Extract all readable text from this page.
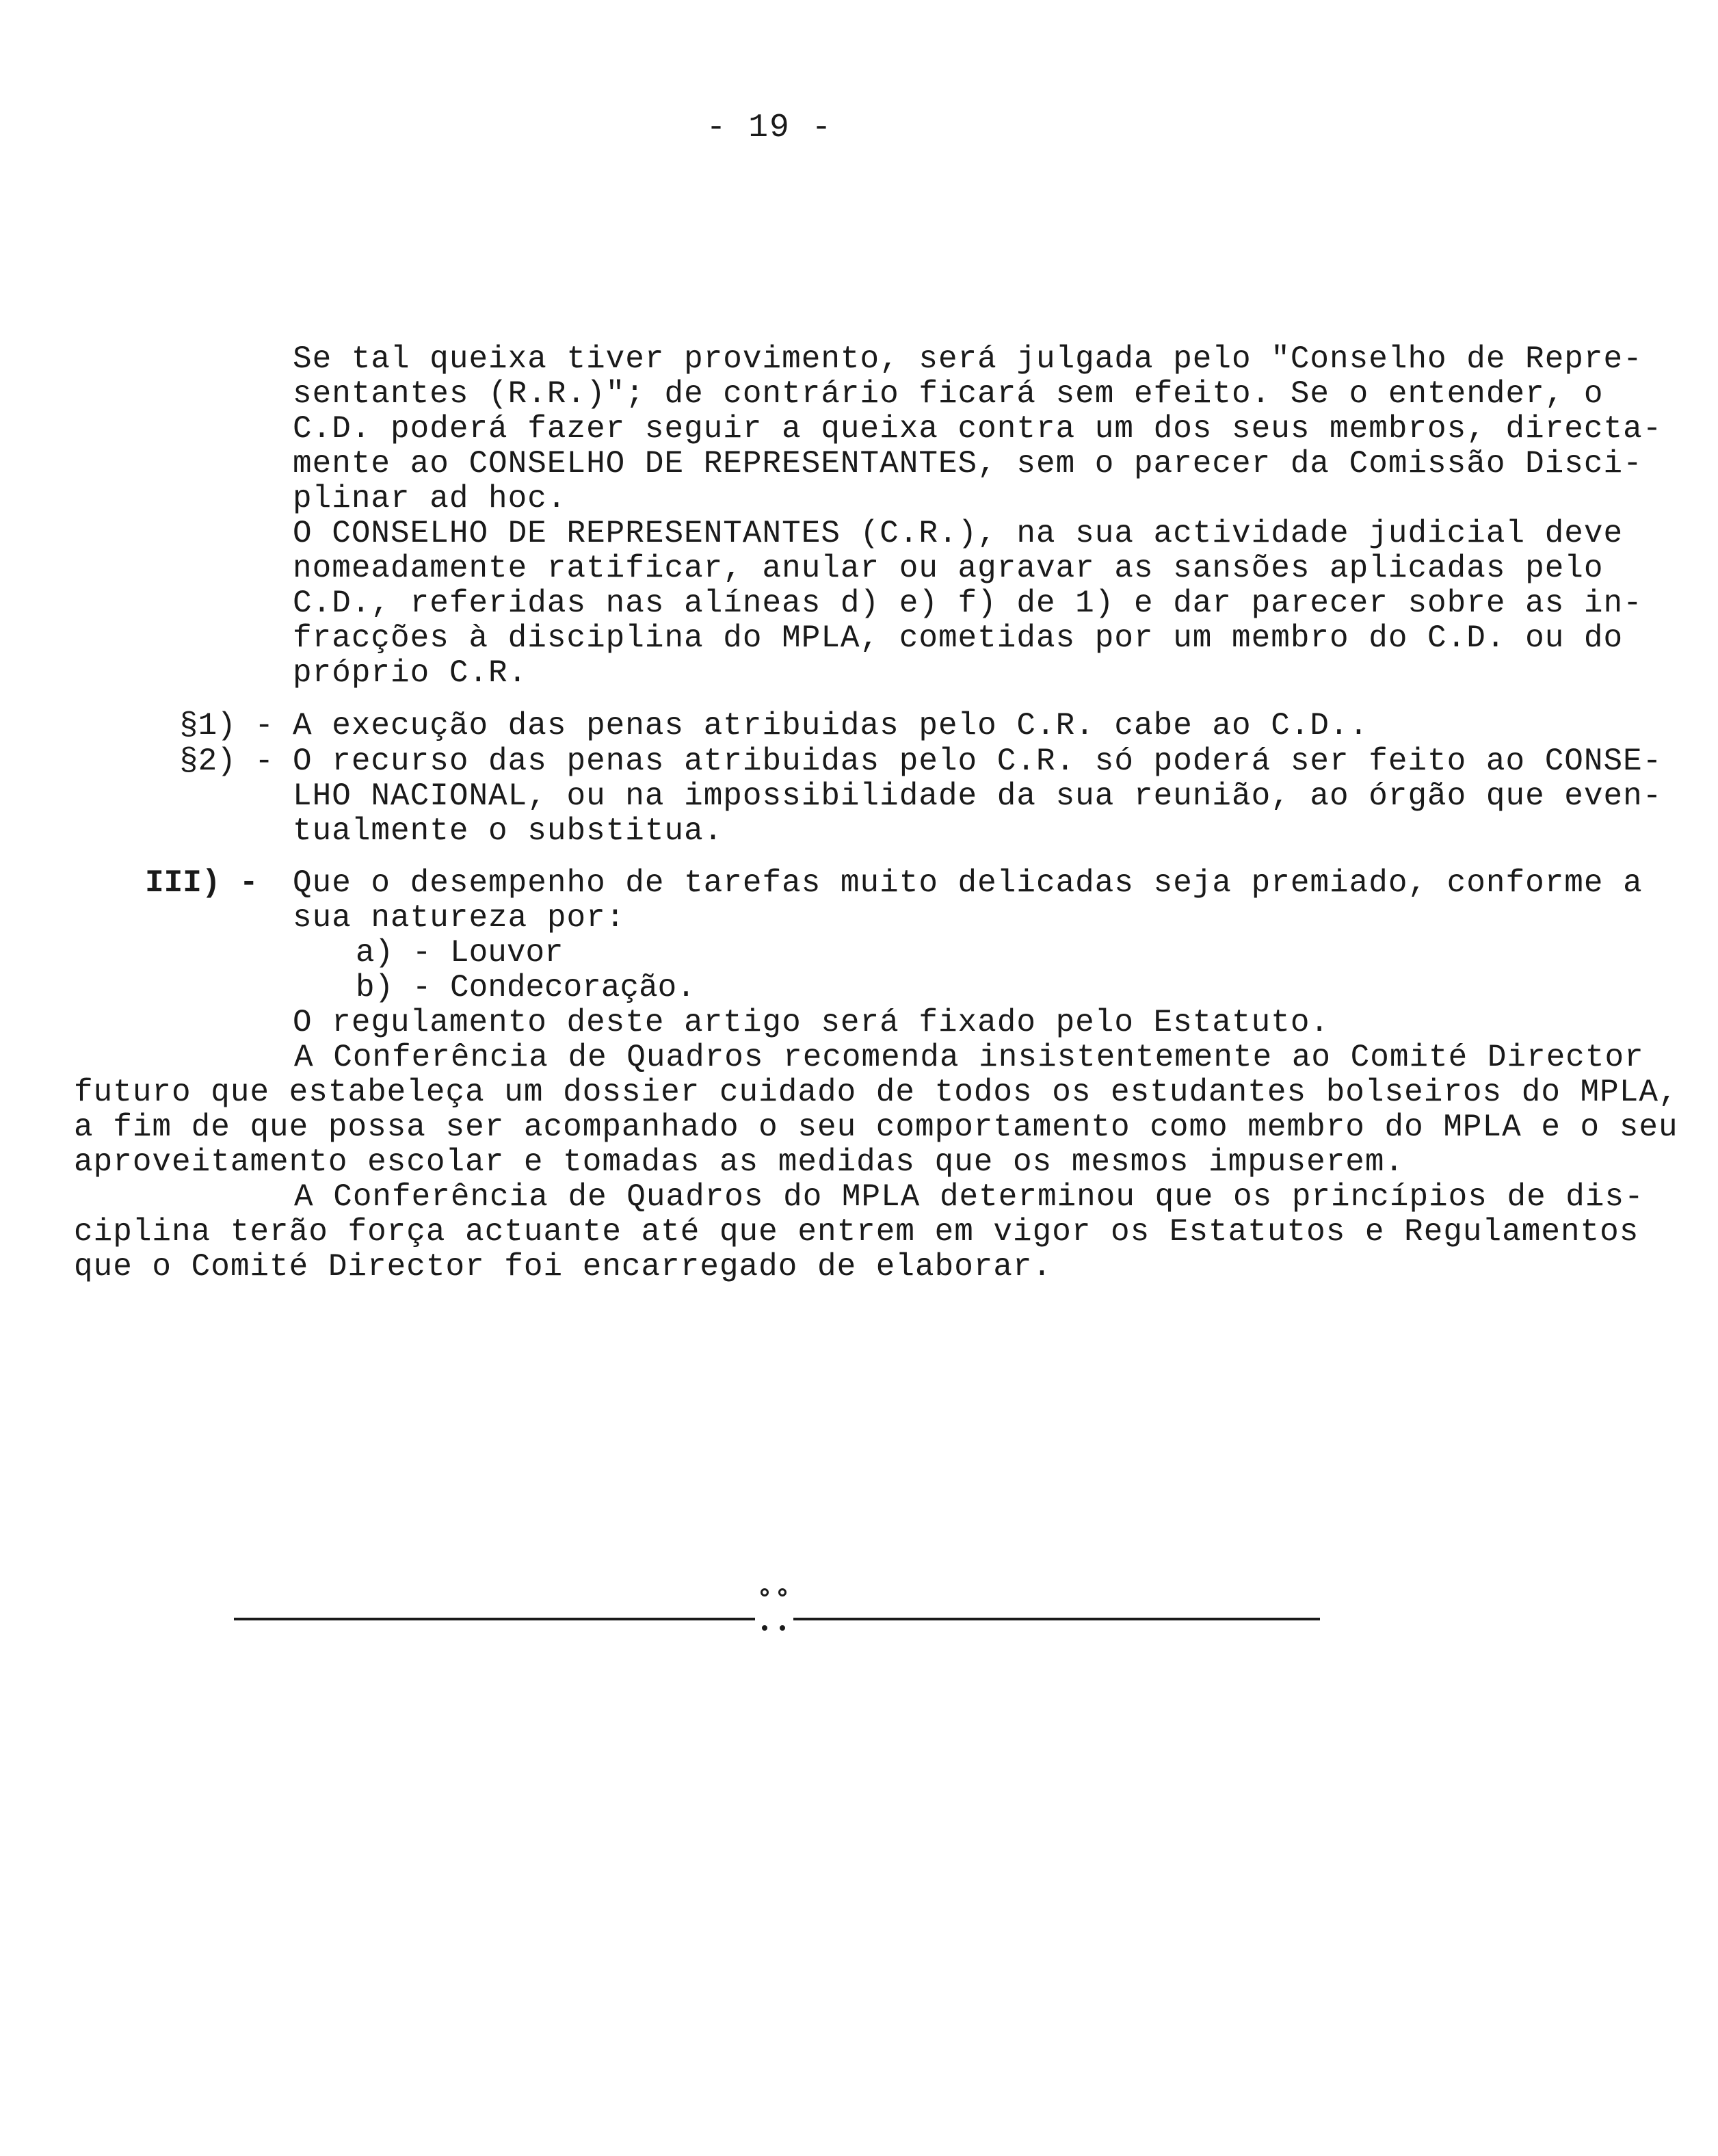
- 19 -
Se tal queixa tiver provimento, será julgada pelo "Conselho de Repre-
sentantes (R.R.)"; de contrário ficará sem efeito. Se o entender, o
C.D. poderá fazer seguir a queixa contra um dos seus membros, directa-
mente ao CONSELHO DE REPRESENTANTES, sem o parecer da Comissão Disci-
plinar ad hoc.
O CONSELHO DE REPRESENTANTES (C.R.), na sua actividade judicial deve
nomeadamente ratificar, anular ou agravar as sansões aplicadas pelo
C.D., referidas nas alíneas d) e) f) de 1) e dar parecer sobre as in-
fracções à disciplina do MPLA, cometidas por um membro do C.D. ou do
próprio C.R.
§1) - A execução das penas atribuidas pelo C.R. cabe ao C.D..
§2) - O recurso das penas atribuidas pelo C.R. só poderá ser feito ao CONSE-
LHO NACIONAL, ou na impossibilidade da sua reunião, ao órgão que even-
tualmente o substitua.
III) - Que o desempenho de tarefas muito delicadas seja premiado, conforme a
sua natureza por:
a) - Louvor
b) - Condecoração.
O regulamento deste artigo será fixado pelo Estatuto.
A Conferência de Quadros recomenda insistentemente ao Comité Director
futuro que estabeleça um dossier cuidado de todos os estudantes bolseiros do MPLA,
a fim de que possa ser acompanhado o seu comportamento como membro do MPLA e o seu
aproveitamento escolar e tomadas as medidas que os mesmos impuserem.
A Conferência de Quadros do MPLA determinou que os princípios de dis-
ciplina terão força actuante até que entrem em vigor os Estatutos e Regulamentos
que o Comité Director foi encarregado de elaborar.
